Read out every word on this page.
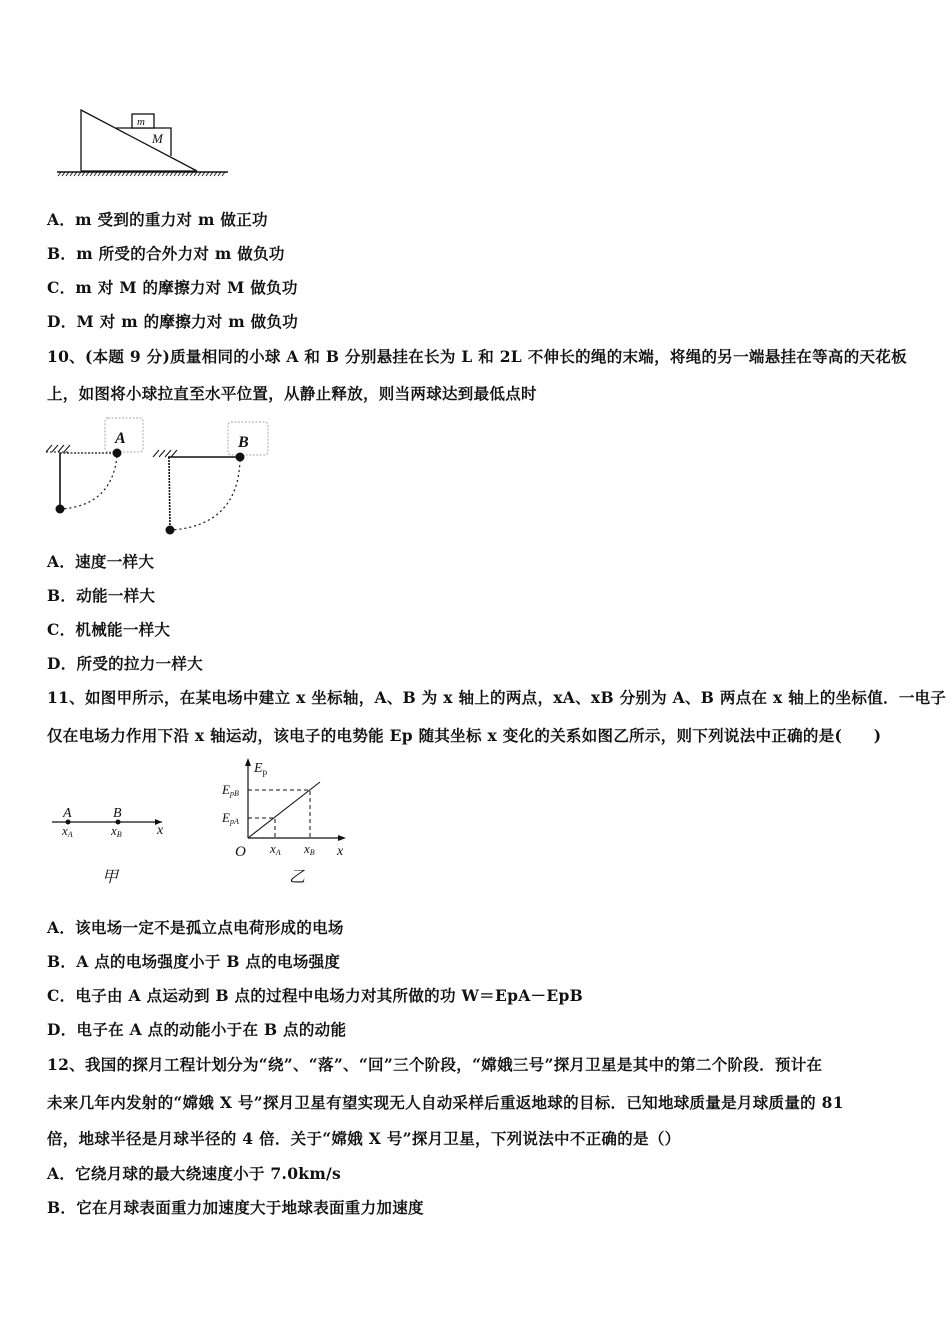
m
M
A．m 受到的重力对 m 做正功
B．m 所受的合外力对 m 做负功
C．m 对 M 的摩擦力对 M 做负功
D．M 对 m 的摩擦力对 m 做负功
10、(本题 9 分)质量相同的小球 A 和 B 分别悬挂在长为 L 和 2L 不伸长的绳的末端，将绳的另一端悬挂在等高的天花板
上，如图将小球拉直至水平位置，从静止释放，则当两球达到最低点时
A	B
A．速度一样大
B．动能一样大
C．机械能一样大
D．所受的拉力一样大
11、如图甲所示，在某电场中建立 x 坐标轴，A、B 为 x 轴上的两点，xA、xB 分别为 A、B 两点在 x 轴上的坐标值．一电子
仅在电场力作用下沿 x 轴运动，该电子的电势能 Ep 随其坐标 x 变化的关系如图乙所示，则下列说法中正确的是(　　)
A	B
xA	xB	x
甲
$E_p$
EpB
EpA
O xA xB x
乙
A．该电场一定不是孤立点电荷形成的电场
B．A 点的电场强度小于 B 点的电场强度
C．电子由 A 点运动到 B 点的过程中电场力对其所做的功 W＝EpA－EpB
D．电子在 A 点的动能小于在 B 点的动能
12、我国的探月工程计划分为“绕”、“落”、“回”三个阶段，“嫦娥三号”探月卫星是其中的第二个阶段．预计在
未来几年内发射的“嫦娥 X 号”探月卫星有望实现无人自动采样后重返地球的目标．已知地球质量是月球质量的 81
倍，地球半径是月球半径的 4 倍．关于“嫦娥 X 号”探月卫星，下列说法中不正确的是（）
A．它绕月球的最大绕速度小于 7.0km/s
B．它在月球表面重力加速度大于地球表面重力加速度
